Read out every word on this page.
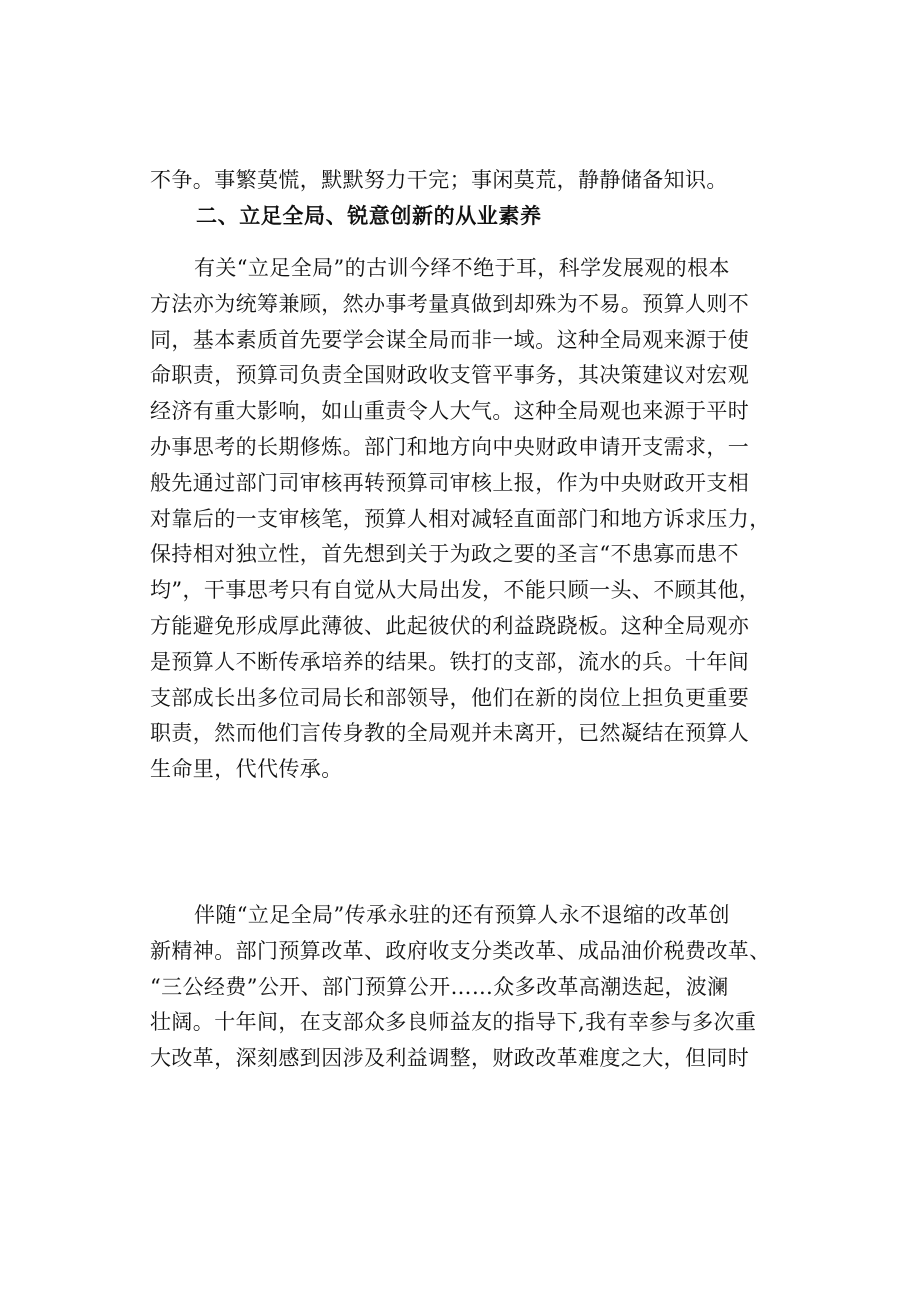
不争。事繁莫慌，默默努力干完；事闲莫荒，静静储备知识。
二、立足全局、锐意创新的从业素养
有关“立足全局”的古训今绎不绝于耳，科学发展观的根本
方法亦为统筹兼顾，然办事考量真做到却殊为不易。预算人则不
同，基本素质首先要学会谋全局而非一域。这种全局观来源于使
命职责，预算司负责全国财政收支管平事务，其决策建议对宏观
经济有重大影响，如山重责令人大气。这种全局观也来源于平时
办事思考的长期修炼。部门和地方向中央财政申请开支需求，一
般先通过部门司审核再转预算司审核上报，作为中央财政开支相
对靠后的一支审核笔，预算人相对减轻直面部门和地方诉求压力，
保持相对独立性，首先想到关于为政之要的圣言“不患寡而患不
均”，干事思考只有自觉从大局出发，不能只顾一头、不顾其他，
方能避免形成厚此薄彼、此起彼伏的利益跷跷板。这种全局观亦
是预算人不断传承培养的结果。铁打的支部，流水的兵。十年间
支部成长出多位司局长和部领导，他们在新的岗位上担负更重要
职责，然而他们言传身教的全局观并未离开，已然凝结在预算人
生命里，代代传承。
伴随“立足全局”传承永驻的还有预算人永不退缩的改革创
新精神。部门预算改革、政府收支分类改革、成品油价税费改革、
“三公经费”公开、部门预算公开……众多改革高潮迭起，波澜
壮阔。十年间，在支部众多良师益友的指导下,我有幸参与多次重
大改革，深刻感到因涉及利益调整，财政改革难度之大，但同时
